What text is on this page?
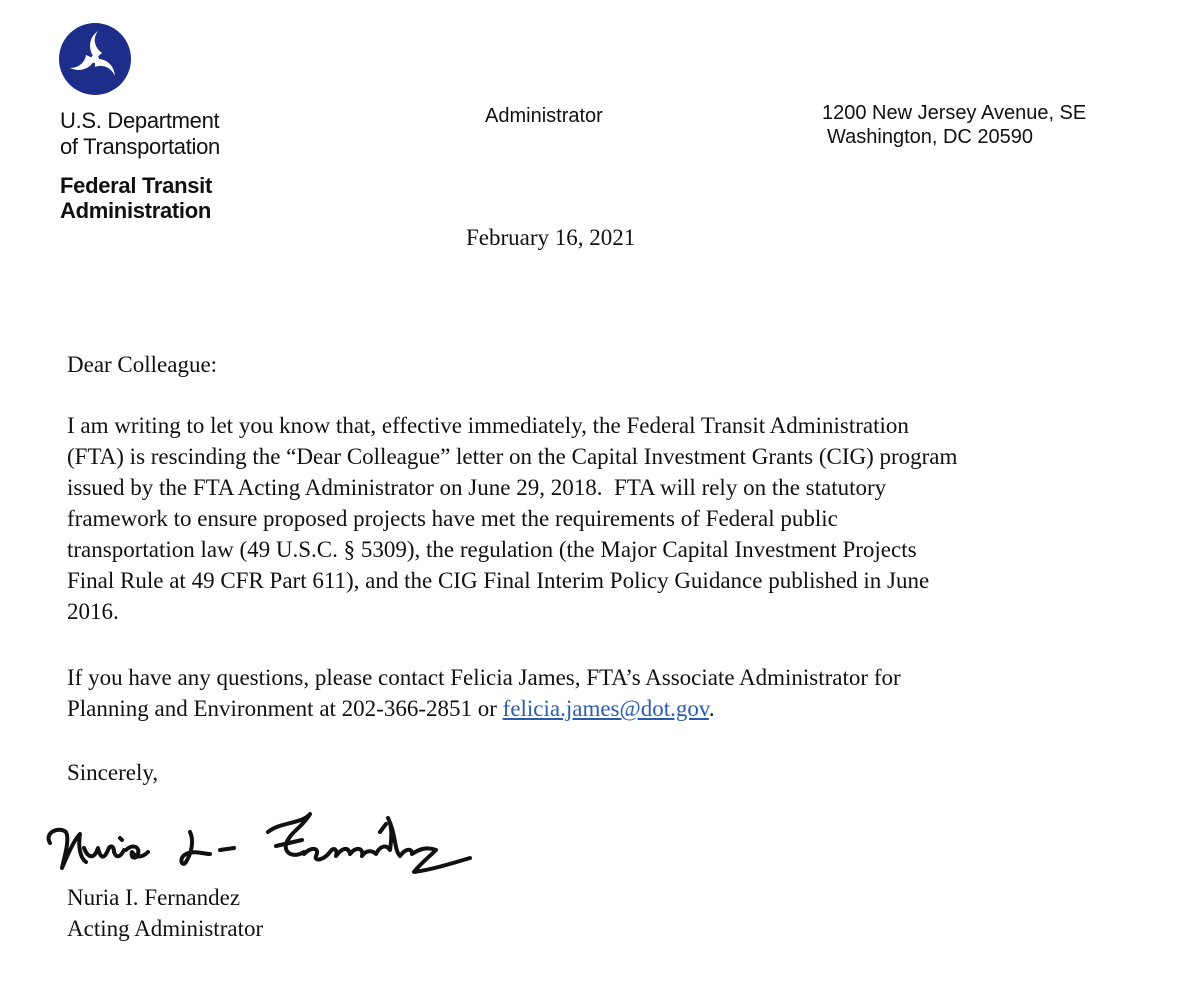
U.S. Department
of Transportation
Federal Transit
Administration
Administrator	1200 New Jersey Avenue, SE
Washington, DC 20590
February 16, 2021
Dear Colleague:
I am writing to let you know that, effective immediately, the Federal Transit Administration
(FTA) is rescinding the “Dear Colleague” letter on the Capital Investment Grants (CIG) program
issued by the FTA Acting Administrator on June 29, 2018.  FTA will rely on the statutory
framework to ensure proposed projects have met the requirements of Federal public
transportation law (49 U.S.C. § 5309), the regulation (the Major Capital Investment Projects
Final Rule at 49 CFR Part 611), and the CIG Final Interim Policy Guidance published in June
2016.
If you have any questions, please contact Felicia James, FTA’s Associate Administrator for
Planning and Environment at 202-366-2851 or felicia.james@dot.gov.
Sincerely,
Nuria I. Fernandez
Acting Administrator
